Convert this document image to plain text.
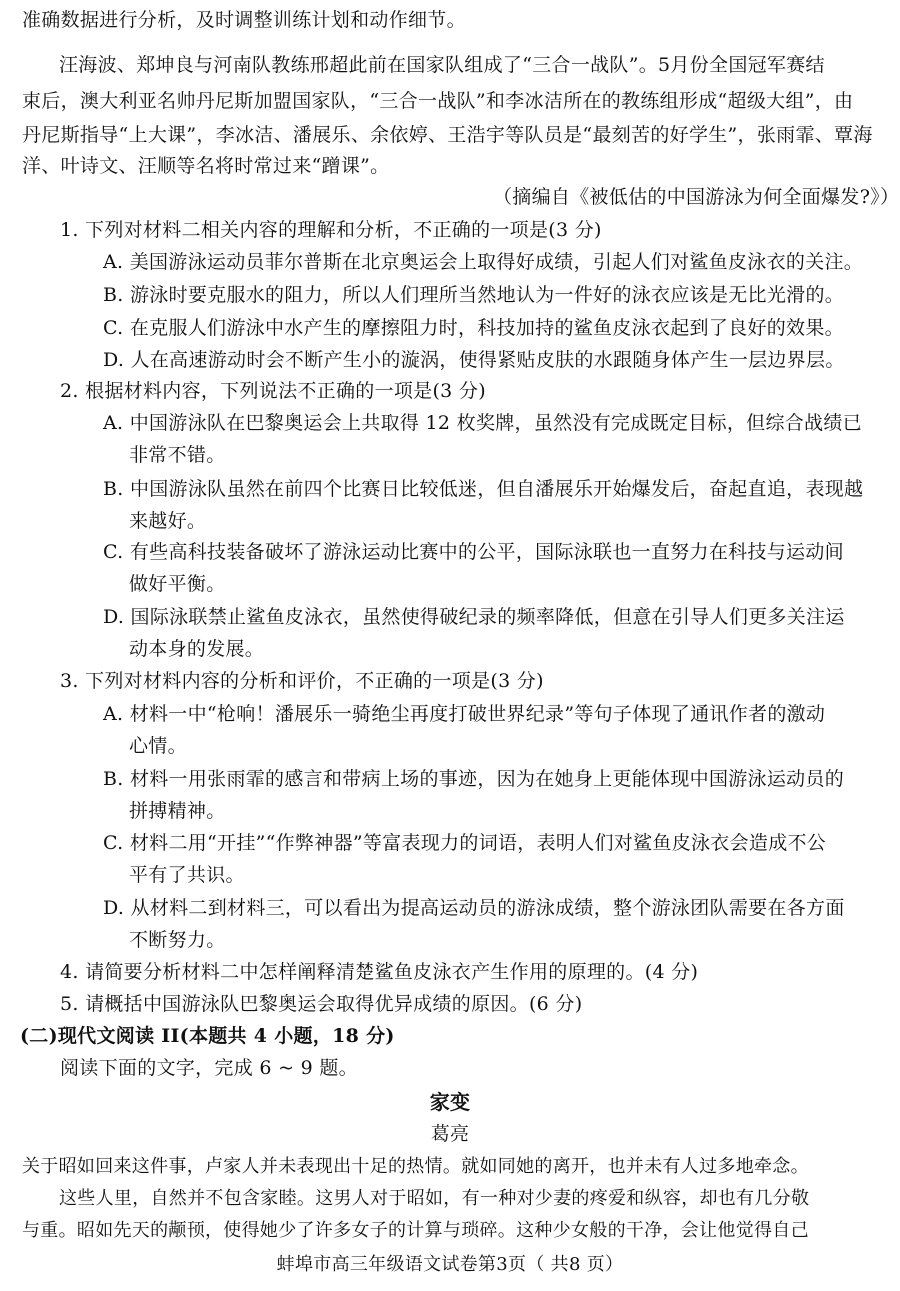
准确数据进行分析，及时调整训练计划和动作细节。
汪海波、郑坤良与河南队教练邢超此前在国家队组成了“三合一战队”。5月份全国冠军赛结
束后，澳大利亚名帅丹尼斯加盟国家队，“三合一战队”和李冰洁所在的教练组形成“超级大组”，由
丹尼斯指导“上大课”，李冰洁、潘展乐、余依婷、王浩宇等队员是“最刻苦的好学生”，张雨霏、覃海
洋、叶诗文、汪顺等名将时常过来“蹭课”。
（摘编自《被低估的中国游泳为何全面爆发?》）
1. 下列对材料二相关内容的理解和分析，不正确的一项是(3 分)
A. 美国游泳运动员菲尔普斯在北京奥运会上取得好成绩，引起人们对鲨鱼皮泳衣的关注。
B. 游泳时要克服水的阻力，所以人们理所当然地认为一件好的泳衣应该是无比光滑的。
C. 在克服人们游泳中水产生的摩擦阻力时，科技加持的鲨鱼皮泳衣起到了良好的效果。
D. 人在高速游动时会不断产生小的漩涡，使得紧贴皮肤的水跟随身体产生一层边界层。
2. 根据材料内容，下列说法不正确的一项是(3 分)
A. 中国游泳队在巴黎奥运会上共取得 12 枚奖牌，虽然没有完成既定目标，但综合战绩已
非常不错。
B. 中国游泳队虽然在前四个比赛日比较低迷，但自潘展乐开始爆发后，奋起直追，表现越
来越好。
C. 有些高科技装备破坏了游泳运动比赛中的公平，国际泳联也一直努力在科技与运动间
做好平衡。
D. 国际泳联禁止鲨鱼皮泳衣，虽然使得破纪录的频率降低，但意在引导人们更多关注运
动本身的发展。
3. 下列对材料内容的分析和评价，不正确的一项是(3 分)
A. 材料一中“枪响！潘展乐一骑绝尘再度打破世界纪录”等句子体现了通讯作者的激动
心情。
B. 材料一用张雨霏的感言和带病上场的事迹，因为在她身上更能体现中国游泳运动员的
拼搏精神。
C. 材料二用“开挂”“作弊神器”等富表现力的词语，表明人们对鲨鱼皮泳衣会造成不公
平有了共识。
D. 从材料二到材料三，可以看出为提高运动员的游泳成绩，整个游泳团队需要在各方面
不断努力。
4. 请简要分析材料二中怎样阐释清楚鲨鱼皮泳衣产生作用的原理的。(4 分)
5. 请概括中国游泳队巴黎奥运会取得优异成绩的原因。(6 分)
(二)现代文阅读 II(本题共 4 小题，18 分)
阅读下面的文字，完成 6 ~ 9 题。
家变
葛亮
关于昭如回来这件事，卢家人并未表现出十足的热情。就如同她的离开，也并未有人过多地牵念。
这些人里，自然并不包含家睦。这男人对于昭如，有一种对少妻的疼爱和纵容，却也有几分敬
与重。昭如先天的颟顸，使得她少了许多女子的计算与琐碎。这种少女般的干净，会让他觉得自己
蚌埠市高三年级语文试卷第3页（ 共8 页）
